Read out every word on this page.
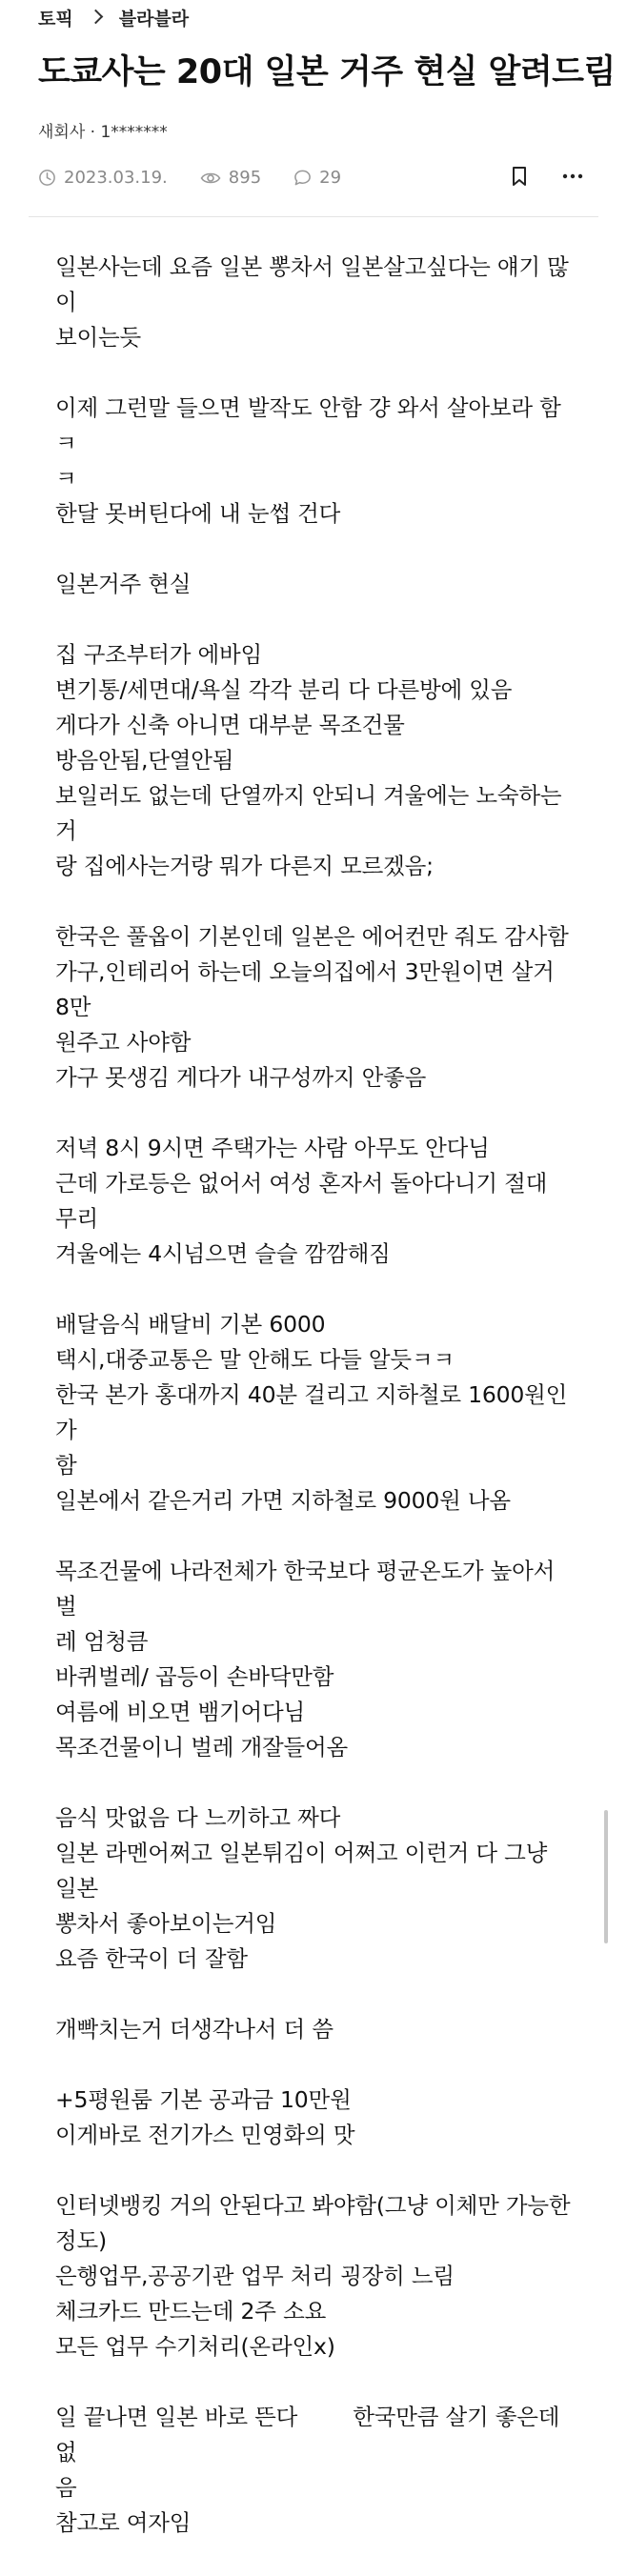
토픽	블라블라
도쿄사는 20대 일본 거주 현실 알려드림
새회사 · 1*******
2023.03.19.	895	29
일본사는데 요즘 일본 뽕차서 일본살고싶다는 얘기 많이
보이는듯
이제 그런말 들으면 발작도 안함 걍 와서 살아보라 함ㅋ
ㅋ
한달 못버틴다에 내 눈썹 건다
일본거주 현실
집 구조부터가 에바임
변기통/세면대/욕실 각각 분리 다 다른방에 있음
게다가 신축 아니면 대부분 목조건물
방음안됨,단열안됨
보일러도 없는데 단열까지 안되니 겨울에는 노숙하는거
랑 집에사는거랑 뭐가 다른지 모르겠음;
한국은 풀옵이 기본인데 일본은 에어컨만 줘도 감사함
가구,인테리어 하는데 오늘의집에서 3만원이면 살거 8만
원주고 사야함
가구 못생김 게다가 내구성까지 안좋음
저녁 8시 9시면 주택가는 사람 아무도 안다님
근데 가로등은 없어서 여성 혼자서 돌아다니기 절대 무리
겨울에는 4시넘으면 슬슬 깜깜해짐
배달음식 배달비 기본 6000
택시,대중교통은 말 안해도 다들 알듯ㅋㅋ
한국 본가 홍대까지 40분 걸리고 지하철로 1600원인가
함
일본에서 같은거리 가면 지하철로 9000원 나옴
목조건물에 나라전체가 한국보다 평균온도가 높아서 벌
레 엄청큼
바퀴벌레/ 곱등이 손바닥만함
여름에 비오면 뱀기어다님
목조건물이니 벌레 개잘들어옴
음식 맛없음 다 느끼하고 짜다
일본 라멘어쩌고 일본튀김이 어쩌고 이런거 다 그냥 일본
뽕차서 좋아보이는거임
요즘 한국이 더 잘함
개빡치는거 더생각나서 더 씀
+5평원룸 기본 공과금 10만원
이게바로 전기가스 민영화의 맛
인터넷뱅킹 거의 안된다고 봐야함(그냥 이체만 가능한
정도)
은행업무,공공기관 업무 처리 굉장히 느림
체크카드 만드는데 2주 소요
모든 업무 수기처리(온라인x)
일 끝나면 일본 바로 뜬다        한국만큼 살기 좋은데 없
음
참고로 여자임
